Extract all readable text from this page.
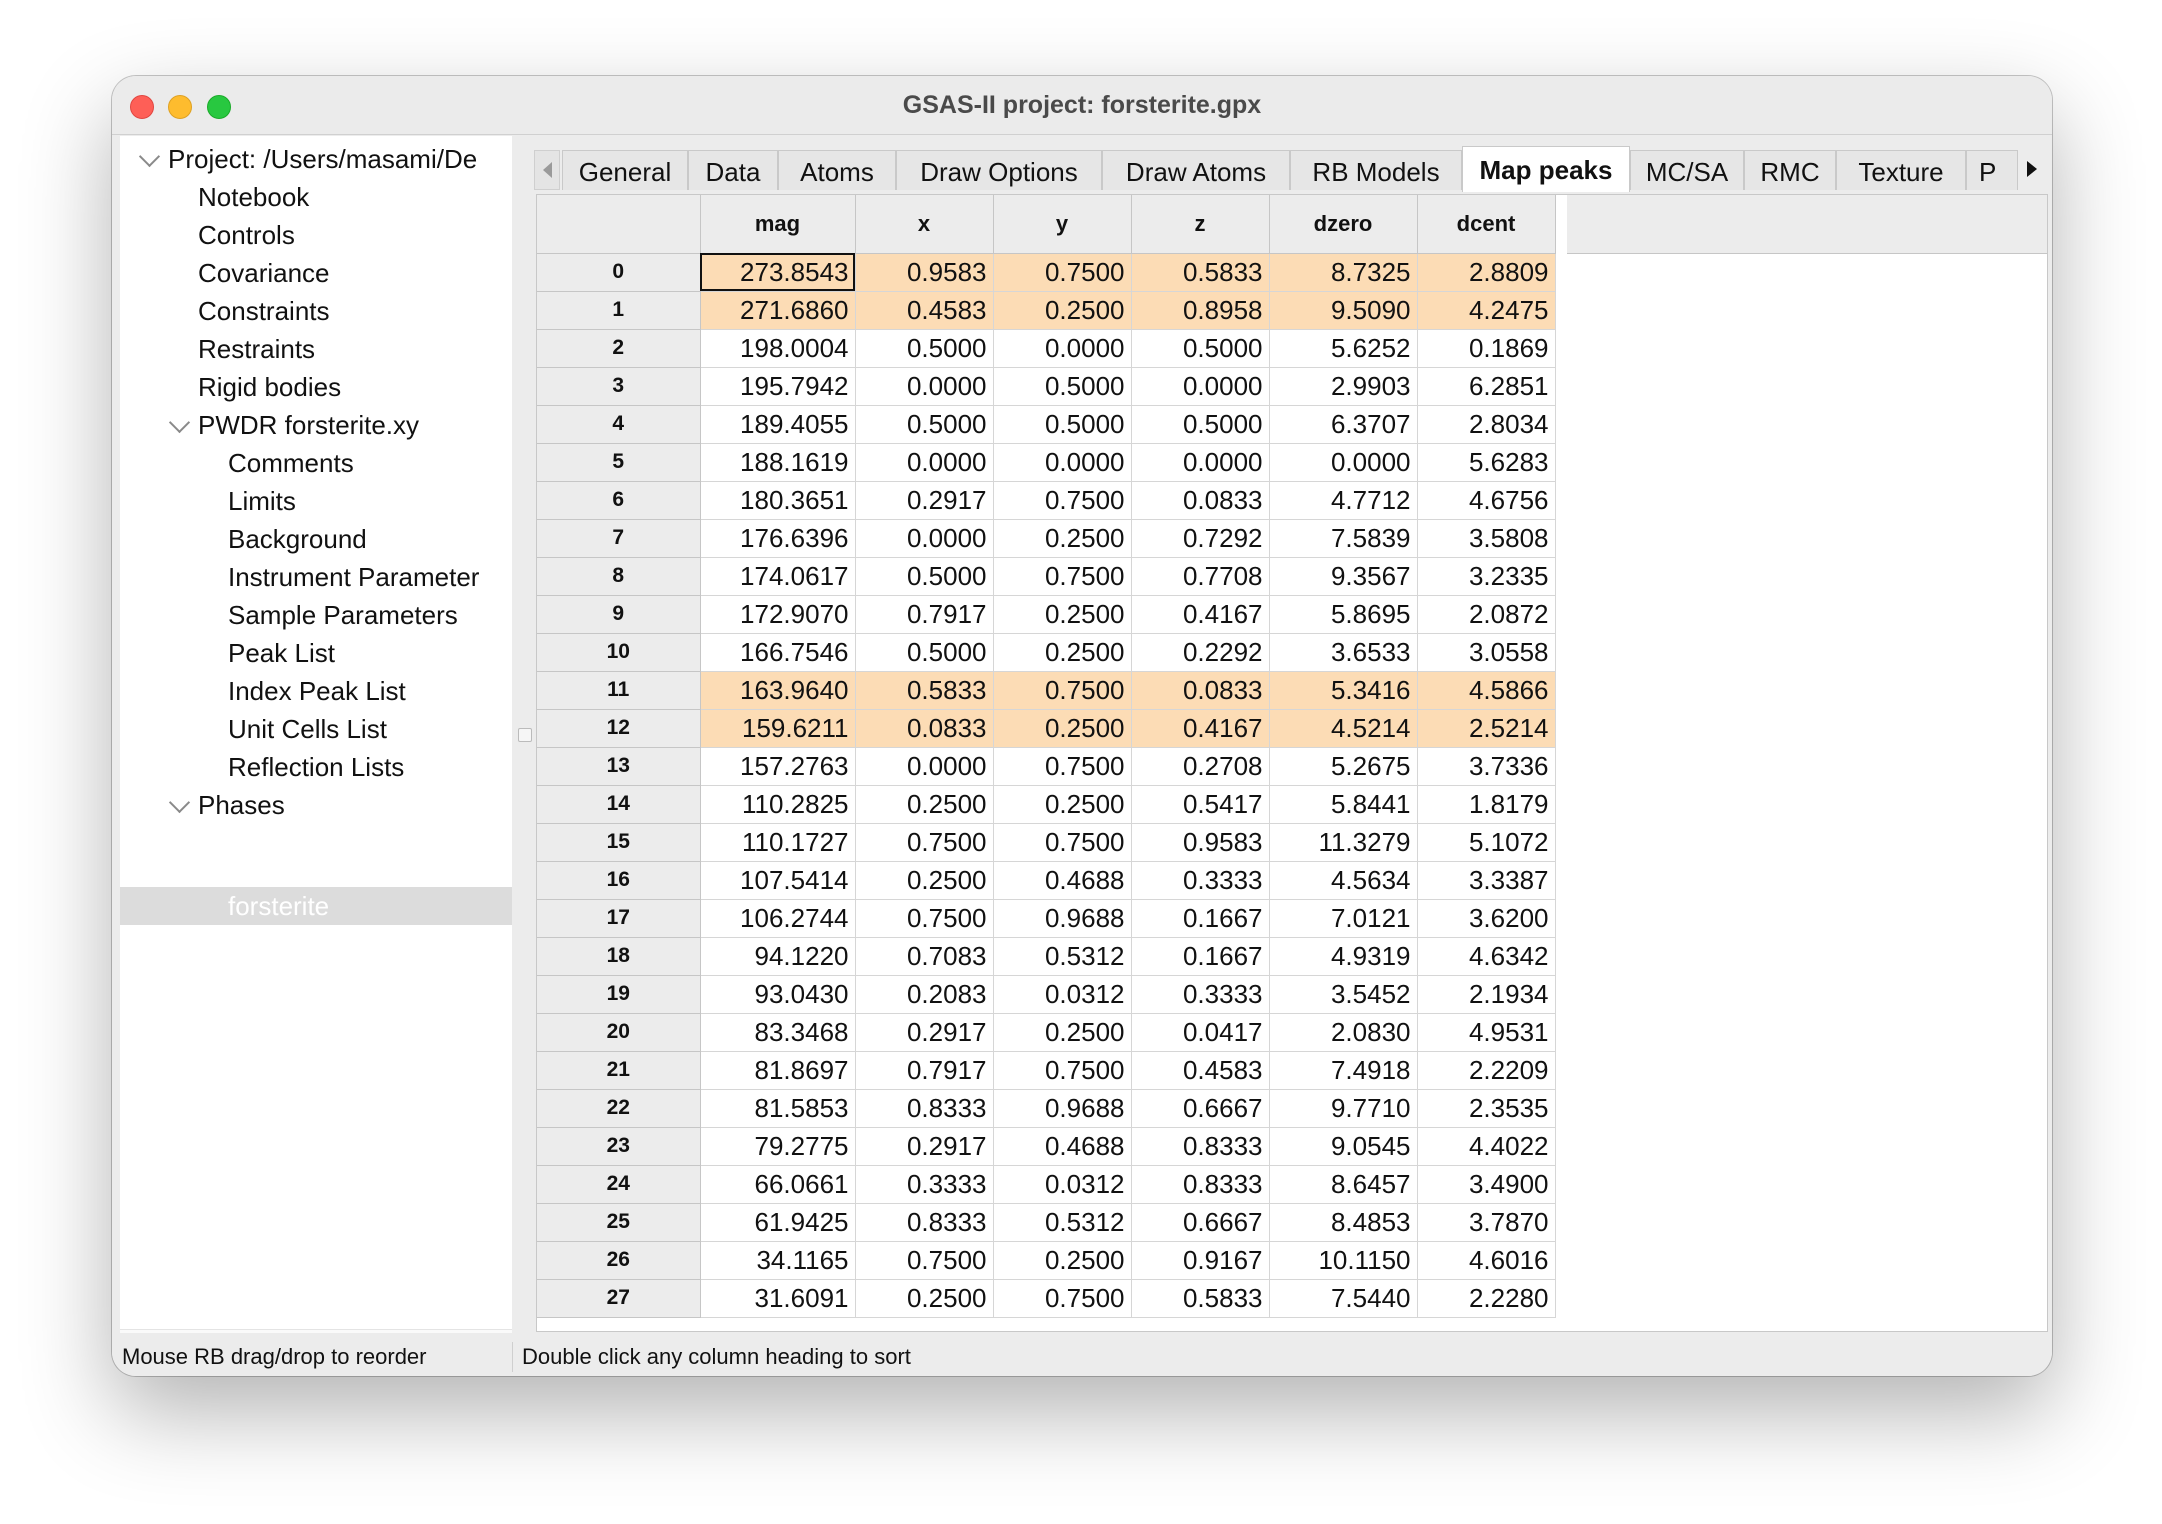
GSAS-II project: forsterite.gpx
Project: /Users/masami/De
Notebook
Controls
Covariance
Constraints
Restraints
Rigid bodies
PWDR forsterite.xy
Comments
Limits
Background
Instrument Parameter
Sample Parameters
Peak List
Index Peak List
Unit Cells List
Reflection Lists
Phases
forsterite
General	Data	Atoms	Draw Options	Draw Atoms	RB Models	Map peaks	MC/SA	RMC	Texture	P
	mag	x	y	z	dzero	dcent
0	273.8543	0.9583	0.7500	0.5833	8.7325	2.8809
1	271.6860	0.4583	0.2500	0.8958	9.5090	4.2475
2	198.0004	0.5000	0.0000	0.5000	5.6252	0.1869
3	195.7942	0.0000	0.5000	0.0000	2.9903	6.2851
4	189.4055	0.5000	0.5000	0.5000	6.3707	2.8034
5	188.1619	0.0000	0.0000	0.0000	0.0000	5.6283
6	180.3651	0.2917	0.7500	0.0833	4.7712	4.6756
7	176.6396	0.0000	0.2500	0.7292	7.5839	3.5808
8	174.0617	0.5000	0.7500	0.7708	9.3567	3.2335
9	172.9070	0.7917	0.2500	0.4167	5.8695	2.0872
10	166.7546	0.5000	0.2500	0.2292	3.6533	3.0558
11	163.9640	0.5833	0.7500	0.0833	5.3416	4.5866
12	159.6211	0.0833	0.2500	0.4167	4.5214	2.5214
13	157.2763	0.0000	0.7500	0.2708	5.2675	3.7336
14	110.2825	0.2500	0.2500	0.5417	5.8441	1.8179
15	110.1727	0.7500	0.7500	0.9583	11.3279	5.1072
16	107.5414	0.2500	0.4688	0.3333	4.5634	3.3387
17	106.2744	0.7500	0.9688	0.1667	7.0121	3.6200
18	94.1220	0.7083	0.5312	0.1667	4.9319	4.6342
19	93.0430	0.2083	0.0312	0.3333	3.5452	2.1934
20	83.3468	0.2917	0.2500	0.0417	2.0830	4.9531
21	81.8697	0.7917	0.7500	0.4583	7.4918	2.2209
22	81.5853	0.8333	0.9688	0.6667	9.7710	2.3535
23	79.2775	0.2917	0.4688	0.8333	9.0545	4.4022
24	66.0661	0.3333	0.0312	0.8333	8.6457	3.4900
25	61.9425	0.8333	0.5312	0.6667	8.4853	3.7870
26	34.1165	0.7500	0.2500	0.9167	10.1150	4.6016
27	31.6091	0.2500	0.7500	0.5833	7.5440	2.2280
Mouse RB drag/drop to reorder	Double click any column heading to sort
